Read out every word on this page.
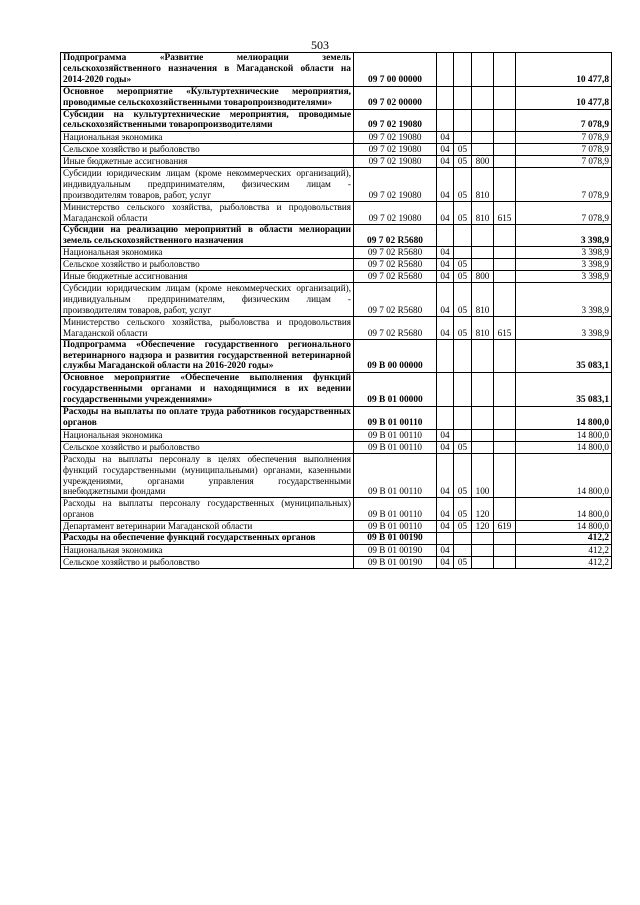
503
Подпрограмма «Развитие мелиорации земель сельскохозяйственного назначения в Магаданской области на 2014-2020 годы»	09 7 00 00000					10 477,8
Основное мероприятие «Культуртехнические мероприятия, проводимые сельскохозяйственными товаропроизводителями»	09 7 02 00000					10 477,8
Субсидии на культуртехнические мероприятия, проводимые сельскохозяйственными товаропроизводителями	09 7 02 19080					7 078,9
Национальная экономика	09 7 02 19080	04				7 078,9
Сельское хозяйство и рыболовство	09 7 02 19080	04	05			7 078,9
Иные бюджетные ассигнования	09 7 02 19080	04	05	800		7 078,9
Субсидии юридическим лицам (кроме некоммерческих организаций), индивидуальным предпринимателям, физическим лицам - производителям товаров, работ, услуг	09 7 02 19080	04	05	810		7 078,9
Министерство сельского хозяйства, рыболовства и продовольствия Магаданской области	09 7 02 19080	04	05	810	615	7 078,9
Субсидии на реализацию мероприятий в области мелиорации земель сельскохозяйственного назначения	09 7 02 R5680					3 398,9
Национальная экономика	09 7 02 R5680	04				3 398,9
Сельское хозяйство и рыболовство	09 7 02 R5680	04	05			3 398,9
Иные бюджетные ассигнования	09 7 02 R5680	04	05	800		3 398,9
Субсидии юридическим лицам (кроме некоммерческих организаций), индивидуальным предпринимателям, физическим лицам - производителям товаров, работ, услуг	09 7 02 R5680	04	05	810		3 398,9
Министерство сельского хозяйства, рыболовства и продовольствия Магаданской области	09 7 02 R5680	04	05	810	615	3 398,9
Подпрограмма «Обеспечение государственного регионального ветеринарного надзора и развития государственной ветеринарной службы Магаданской области на 2016-2020 годы»	09 В 00 00000					35 083,1
Основное мероприятие «Обеспечение выполнения функций государственными органами и находящимися в их ведении государственными учреждениями»	09 В 01 00000					35 083,1
Расходы на выплаты по оплате труда работников государственных органов	09 В 01 00110					14 800,0
Национальная экономика	09 В 01 00110	04				14 800,0
Сельское хозяйство и рыболовство	09 В 01 00110	04	05			14 800,0
Расходы на выплаты персоналу в целях обеспечения выполнения функций государственными (муниципальными) органами, казенными учреждениями, органами управления государственными внебюджетными фондами	09 В 01 00110	04	05	100		14 800,0
Расходы на выплаты персоналу государственных (муниципальных) органов	09 В 01 00110	04	05	120		14 800,0
Департамент ветеринарии Магаданской области	09 В 01 00110	04	05	120	619	14 800,0
Расходы на обеспечение функций государственных органов	09 В 01 00190					412,2
Национальная экономика	09 В 01 00190	04				412,2
Сельское хозяйство и рыболовство	09 В 01 00190	04	05			412,2
